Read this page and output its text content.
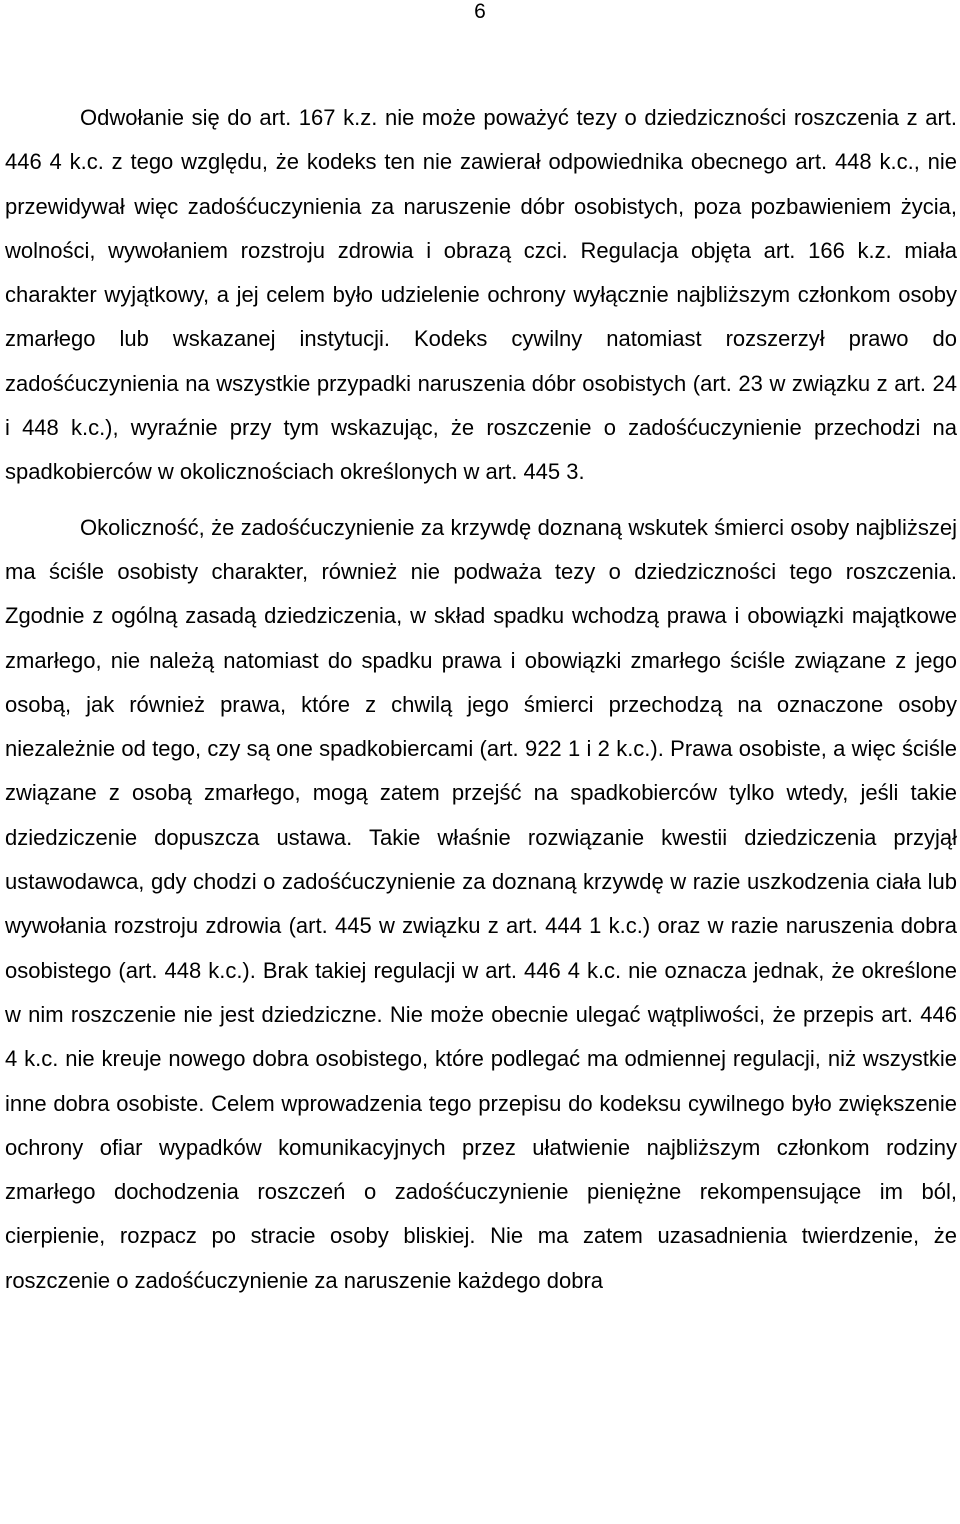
6

Odwołanie się do art. 167 k.z. nie może poważyć tezy o dziedziczności roszczenia z art. 446 4 k.c. z tego względu, że kodeks ten nie zawierał odpowiednika obecnego art. 448 k.c., nie przewidywał więc zadośćuczynienia za naruszenie dóbr osobistych, poza pozbawieniem życia, wolności, wywołaniem rozstroju zdrowia i obrazą czci. Regulacja objęta art. 166 k.z. miała charakter wyjątkowy, a jej celem było udzielenie ochrony wyłącznie najbliższym członkom osoby zmarłego lub wskazanej instytucji. Kodeks cywilny natomiast rozszerzył prawo do zadośćuczynienia na wszystkie przypadki naruszenia dóbr osobistych (art. 23 w związku z art. 24 i 448 k.c.), wyraźnie przy tym wskazując, że roszczenie o zadośćuczynienie przechodzi na spadkobierców w okolicznościach określonych w art. 445 3.

Okoliczność, że zadośćuczynienie za krzywdę doznaną wskutek śmierci osoby najbliższej ma ściśle osobisty charakter, również nie podważa tezy o dziedziczności tego roszczenia. Zgodnie z ogólną zasadą dziedziczenia, w skład spadku wchodzą prawa i obowiązki majątkowe zmarłego, nie należą natomiast do spadku prawa i obowiązki zmarłego ściśle związane z jego osobą, jak również prawa, które z chwilą jego śmierci przechodzą na oznaczone osoby niezależnie od tego, czy są one spadkobiercami (art. 922 1 i 2 k.c.). Prawa osobiste, a więc ściśle związane z osobą zmarłego, mogą zatem przejść na spadkobierców tylko wtedy, jeśli takie dziedziczenie dopuszcza ustawa. Takie właśnie rozwiązanie kwestii dziedziczenia przyjął ustawodawca, gdy chodzi o zadośćuczynienie za doznaną krzywdę w razie uszkodzenia ciała lub wywołania rozstroju zdrowia (art. 445 w związku z art. 444 1 k.c.) oraz w razie naruszenia dobra osobistego (art. 448 k.c.). Brak takiej regulacji w art. 446 4 k.c. nie oznacza jednak, że określone w nim roszczenie nie jest dziedziczne. Nie może obecnie ulegać wątpliwości, że przepis art. 446 4 k.c. nie kreuje nowego dobra osobistego, które podlegać ma odmiennej regulacji, niż wszystkie inne dobra osobiste. Celem wprowadzenia tego przepisu do kodeksu cywilnego było zwiększenie ochrony ofiar wypadków komunikacyjnych przez ułatwienie najbliższym członkom rodziny zmarłego dochodzenia roszczeń o zadośćuczynienie pieniężne rekompensujące im ból, cierpienie, rozpacz po stracie osoby bliskiej. Nie ma zatem uzasadnienia twierdzenie, że roszczenie o zadośćuczynienie za naruszenie każdego dobra
